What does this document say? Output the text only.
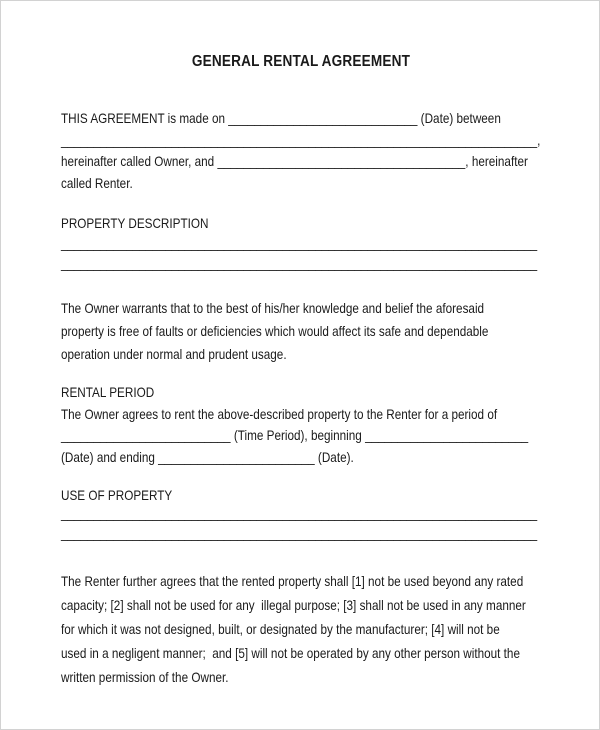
GENERAL RENTAL AGREEMENT
THIS AGREEMENT is made on _____________________________ (Date) between
_________________________________________________________________________,
hereinafter called Owner, and ______________________________________, hereinafter
called Renter.
PROPERTY DESCRIPTION
_________________________________________________________________________
_________________________________________________________________________
The Owner warrants that to the best of his/her knowledge and belief the aforesaid
property is free of faults or deficiencies which would affect its safe and dependable
operation under normal and prudent usage.
RENTAL PERIOD
The Owner agrees to rent the above-described property to the Renter for a period of
__________________________ (Time Period), beginning _________________________
(Date) and ending ________________________ (Date).
USE OF PROPERTY
_________________________________________________________________________
_________________________________________________________________________
The Renter further agrees that the rented property shall [1] not be used beyond any rated
capacity; [2] shall not be used for any  illegal purpose; [3] shall not be used in any manner
for which it was not designed, built, or designated by the manufacturer; [4] will not be
used in a negligent manner;  and [5] will not be operated by any other person without the
written permission of the Owner.
